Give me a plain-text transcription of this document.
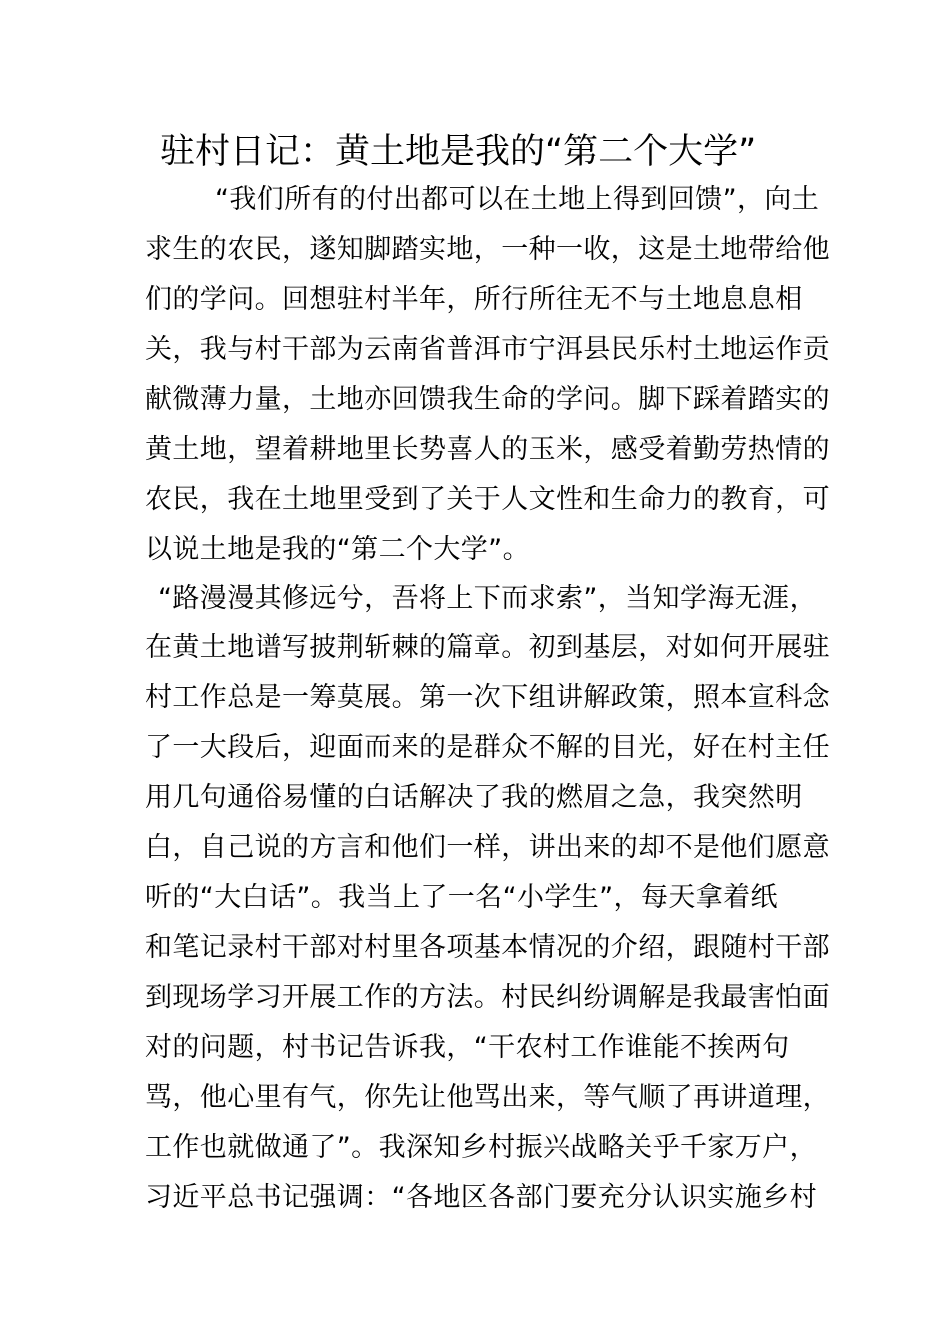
驻村日记：黄土地是我的“第二个大学”
“我们所有的付出都可以在土地上得到回馈”，向土
求生的农民，遂知脚踏实地，一种一收，这是土地带给他
们的学问。回想驻村半年，所行所往无不与土地息息相
关，我与村干部为云南省普洱市宁洱县民乐村土地运作贡
献微薄力量，土地亦回馈我生命的学问。脚下踩着踏实的
黄土地，望着耕地里长势喜人的玉米，感受着勤劳热情的
农民，我在土地里受到了关于人文性和生命力的教育，可
以说土地是我的“第二个大学”。
“路漫漫其修远兮，吾将上下而求索”，当知学海无涯，
在黄土地谱写披荆斩棘的篇章。初到基层，对如何开展驻
村工作总是一筹莫展。第一次下组讲解政策，照本宣科念
了一大段后，迎面而来的是群众不解的目光，好在村主任
用几句通俗易懂的白话解决了我的燃眉之急，我突然明
白，自己说的方言和他们一样，讲出来的却不是他们愿意
听的“大白话”。我当上了一名“小学生”，每天拿着纸
和笔记录村干部对村里各项基本情况的介绍，跟随村干部
到现场学习开展工作的方法。村民纠纷调解是我最害怕面
对的问题，村书记告诉我，“干农村工作谁能不挨两句
骂，他心里有气，你先让他骂出来，等气顺了再讲道理，
工作也就做通了”。我深知乡村振兴战略关乎千家万户，
习近平总书记强调：“各地区各部门要充分认识实施乡村
